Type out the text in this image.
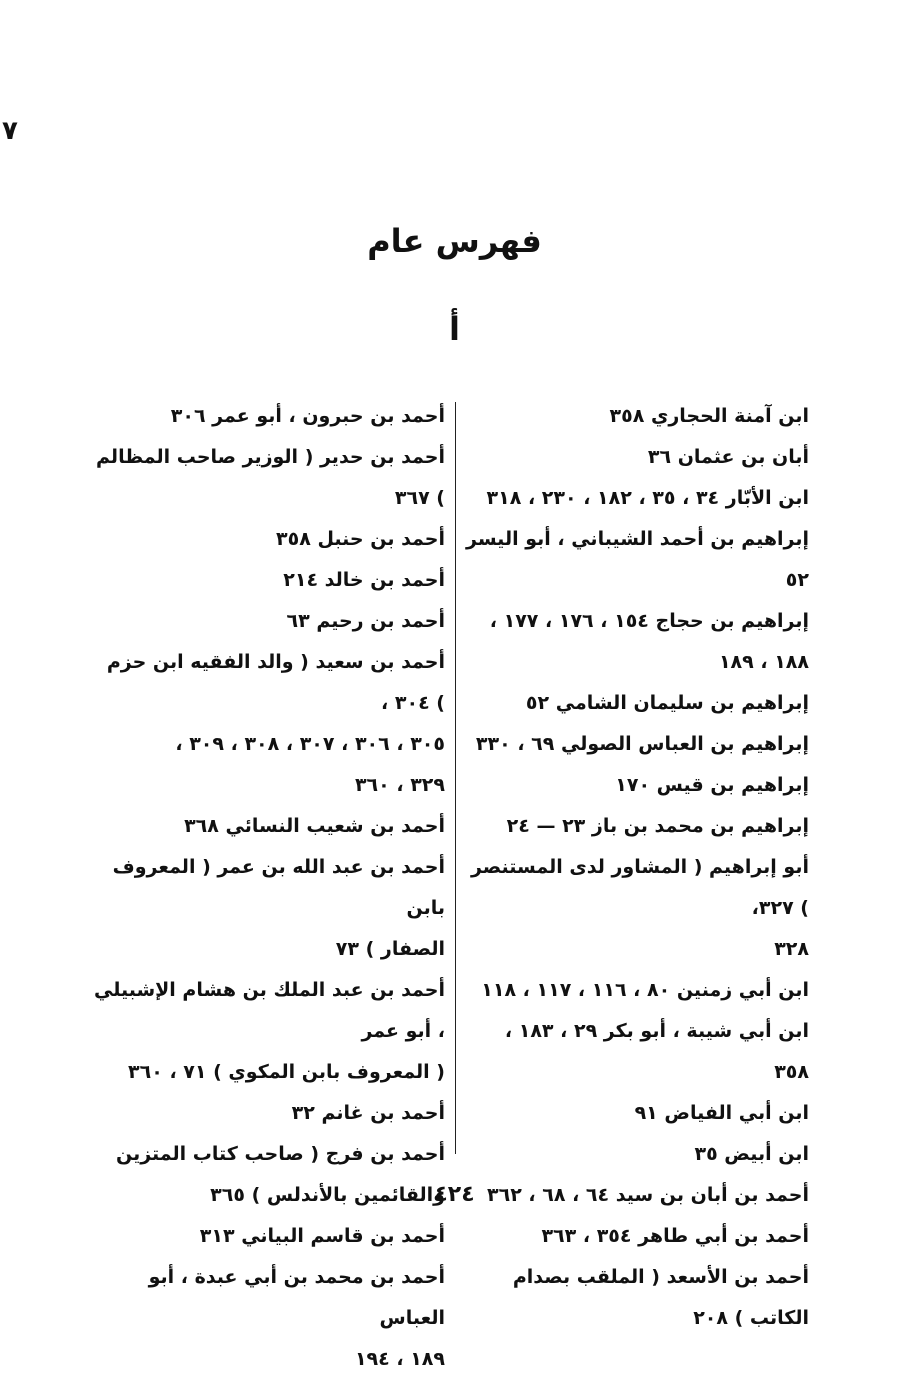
٧
فهرس عام
أ
ابن آمنة الحجاري ٣٥٨
أبان بن عثمان ٣٦
ابن الأبّار ٣٤ ، ٣٥ ، ١٨٢ ، ٢٣٠ ، ٣١٨
إبراهيم بن أحمد الشيباني ، أبو اليسر ٥٢
إبراهيم بن حجاج ١٥٤ ، ١٧٦ ، ١٧٧ ،
١٨٨ ، ١٨٩
إبراهيم بن سليمان الشامي ٥٢
إبراهيم بن العباس الصولي ٦٩ ، ٣٣٠
إبراهيم بن قيس ١٧٠
إبراهيم بن محمد بن باز ٢٣ — ٢٤
أبو إبراهيم ( المشاور لدى المستنصر ) ٣٢٧،
٣٢٨
ابن أبي زمنين ٨٠ ، ١١٦ ، ١١٧ ، ١١٨
ابن أبي شيبة ، أبو بكر ٢٩ ، ١٨٣ ، ٣٥٨
ابن أبي الفياض ٩١
ابن أبيض ٣٥
أحمد بن أبان بن سيد ٦٤ ، ٦٨ ، ٣٦٢
أحمد بن أبي طاهر ٣٥٤ ، ٣٦٣
أحمد بن الأسعد ( الملقب بصدام الكاتب ) ٢٠٨
أحمد بن حبرون ، أبو عمر ٣٠٦
أحمد بن حدير ( الوزير صاحب المظالم ) ٣٦٧
أحمد بن حنبل ٣٥٨
أحمد بن خالد ٢١٤
أحمد بن رحيم ٦٣
أحمد بن سعيد ( والد الفقيه ابن حزم ) ٣٠٤ ،
٣٠٥ ، ٣٠٦ ، ٣٠٧ ، ٣٠٨ ، ٣٠٩ ،
٣٢٩ ، ٣٦٠
أحمد بن شعيب النسائي ٣٦٨
أحمد بن عبد الله بن عمر ( المعروف بابن
الصفار ) ٧٣
أحمد بن عبد الملك بن هشام الإشبيلي ، أبو عمر
( المعروف بابن المكوي ) ٧١ ، ٣٦٠
أحمد بن غانم ٣٢
أحمد بن فرج ( صاحب كتاب المتزين
والقائمين بالأندلس ) ٣٦٥
أحمد بن قاسم البياني ٣١٣
أحمد بن محمد بن أبي عبدة ، أبو العباس
١٨٩ ، ١٩٤
٤٢٤
